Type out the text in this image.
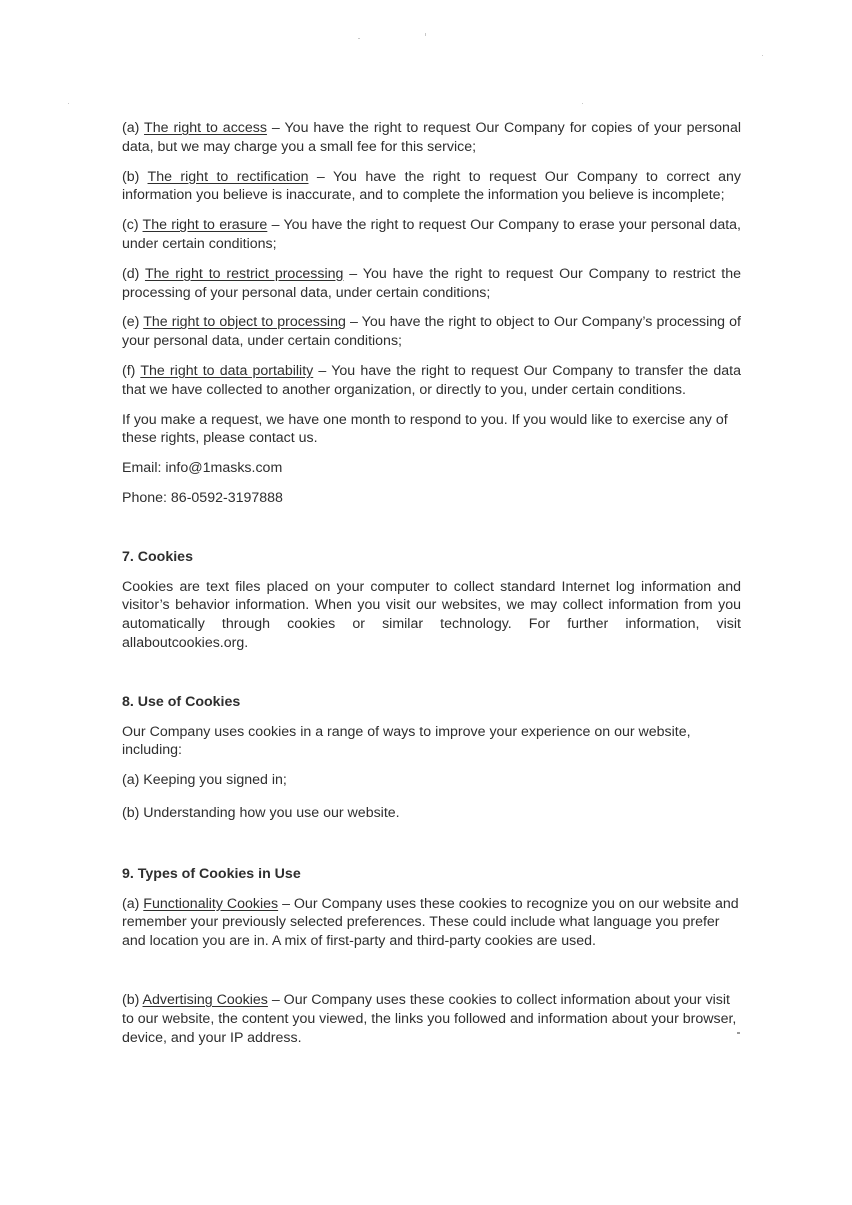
(a) The right to access – You have the right to request Our Company for copies of your personal data, but we may charge you a small fee for this service;

(b) The right to rectification – You have the right to request Our Company to correct any information you believe is inaccurate, and to complete the information you believe is incomplete;

(c) The right to erasure – You have the right to request Our Company to erase your personal data, under certain conditions;

(d) The right to restrict processing – You have the right to request Our Company to restrict the processing of your personal data, under certain conditions;

(e) The right to object to processing – You have the right to object to Our Company’s processing of your personal data, under certain conditions;

(f) The right to data portability – You have the right to request Our Company to transfer the data that we have collected to another organization, or directly to you, under certain conditions.

If you make a request, we have one month to respond to you. If you would like to exercise any of these rights, please contact us.

Email: info@1masks.com

Phone: 86-0592-3197888

7. Cookies

Cookies are text files placed on your computer to collect standard Internet log information and visitor’s behavior information. When you visit our websites, we may collect information from you automatically through cookies or similar technology. For further information, visit allaboutcookies.org.

8. Use of Cookies

Our Company uses cookies in a range of ways to improve your experience on our website, including:

(a) Keeping you signed in;

(b) Understanding how you use our website.

9. Types of Cookies in Use

(a) Functionality Cookies – Our Company uses these cookies to recognize you on our website and remember your previously selected preferences. These could include what language you prefer and location you are in. A mix of first-party and third-party cookies are used.

(b) Advertising Cookies – Our Company uses these cookies to collect information about your visit to our website, the content you viewed, the links you followed and information about your browser, device, and your IP address.
